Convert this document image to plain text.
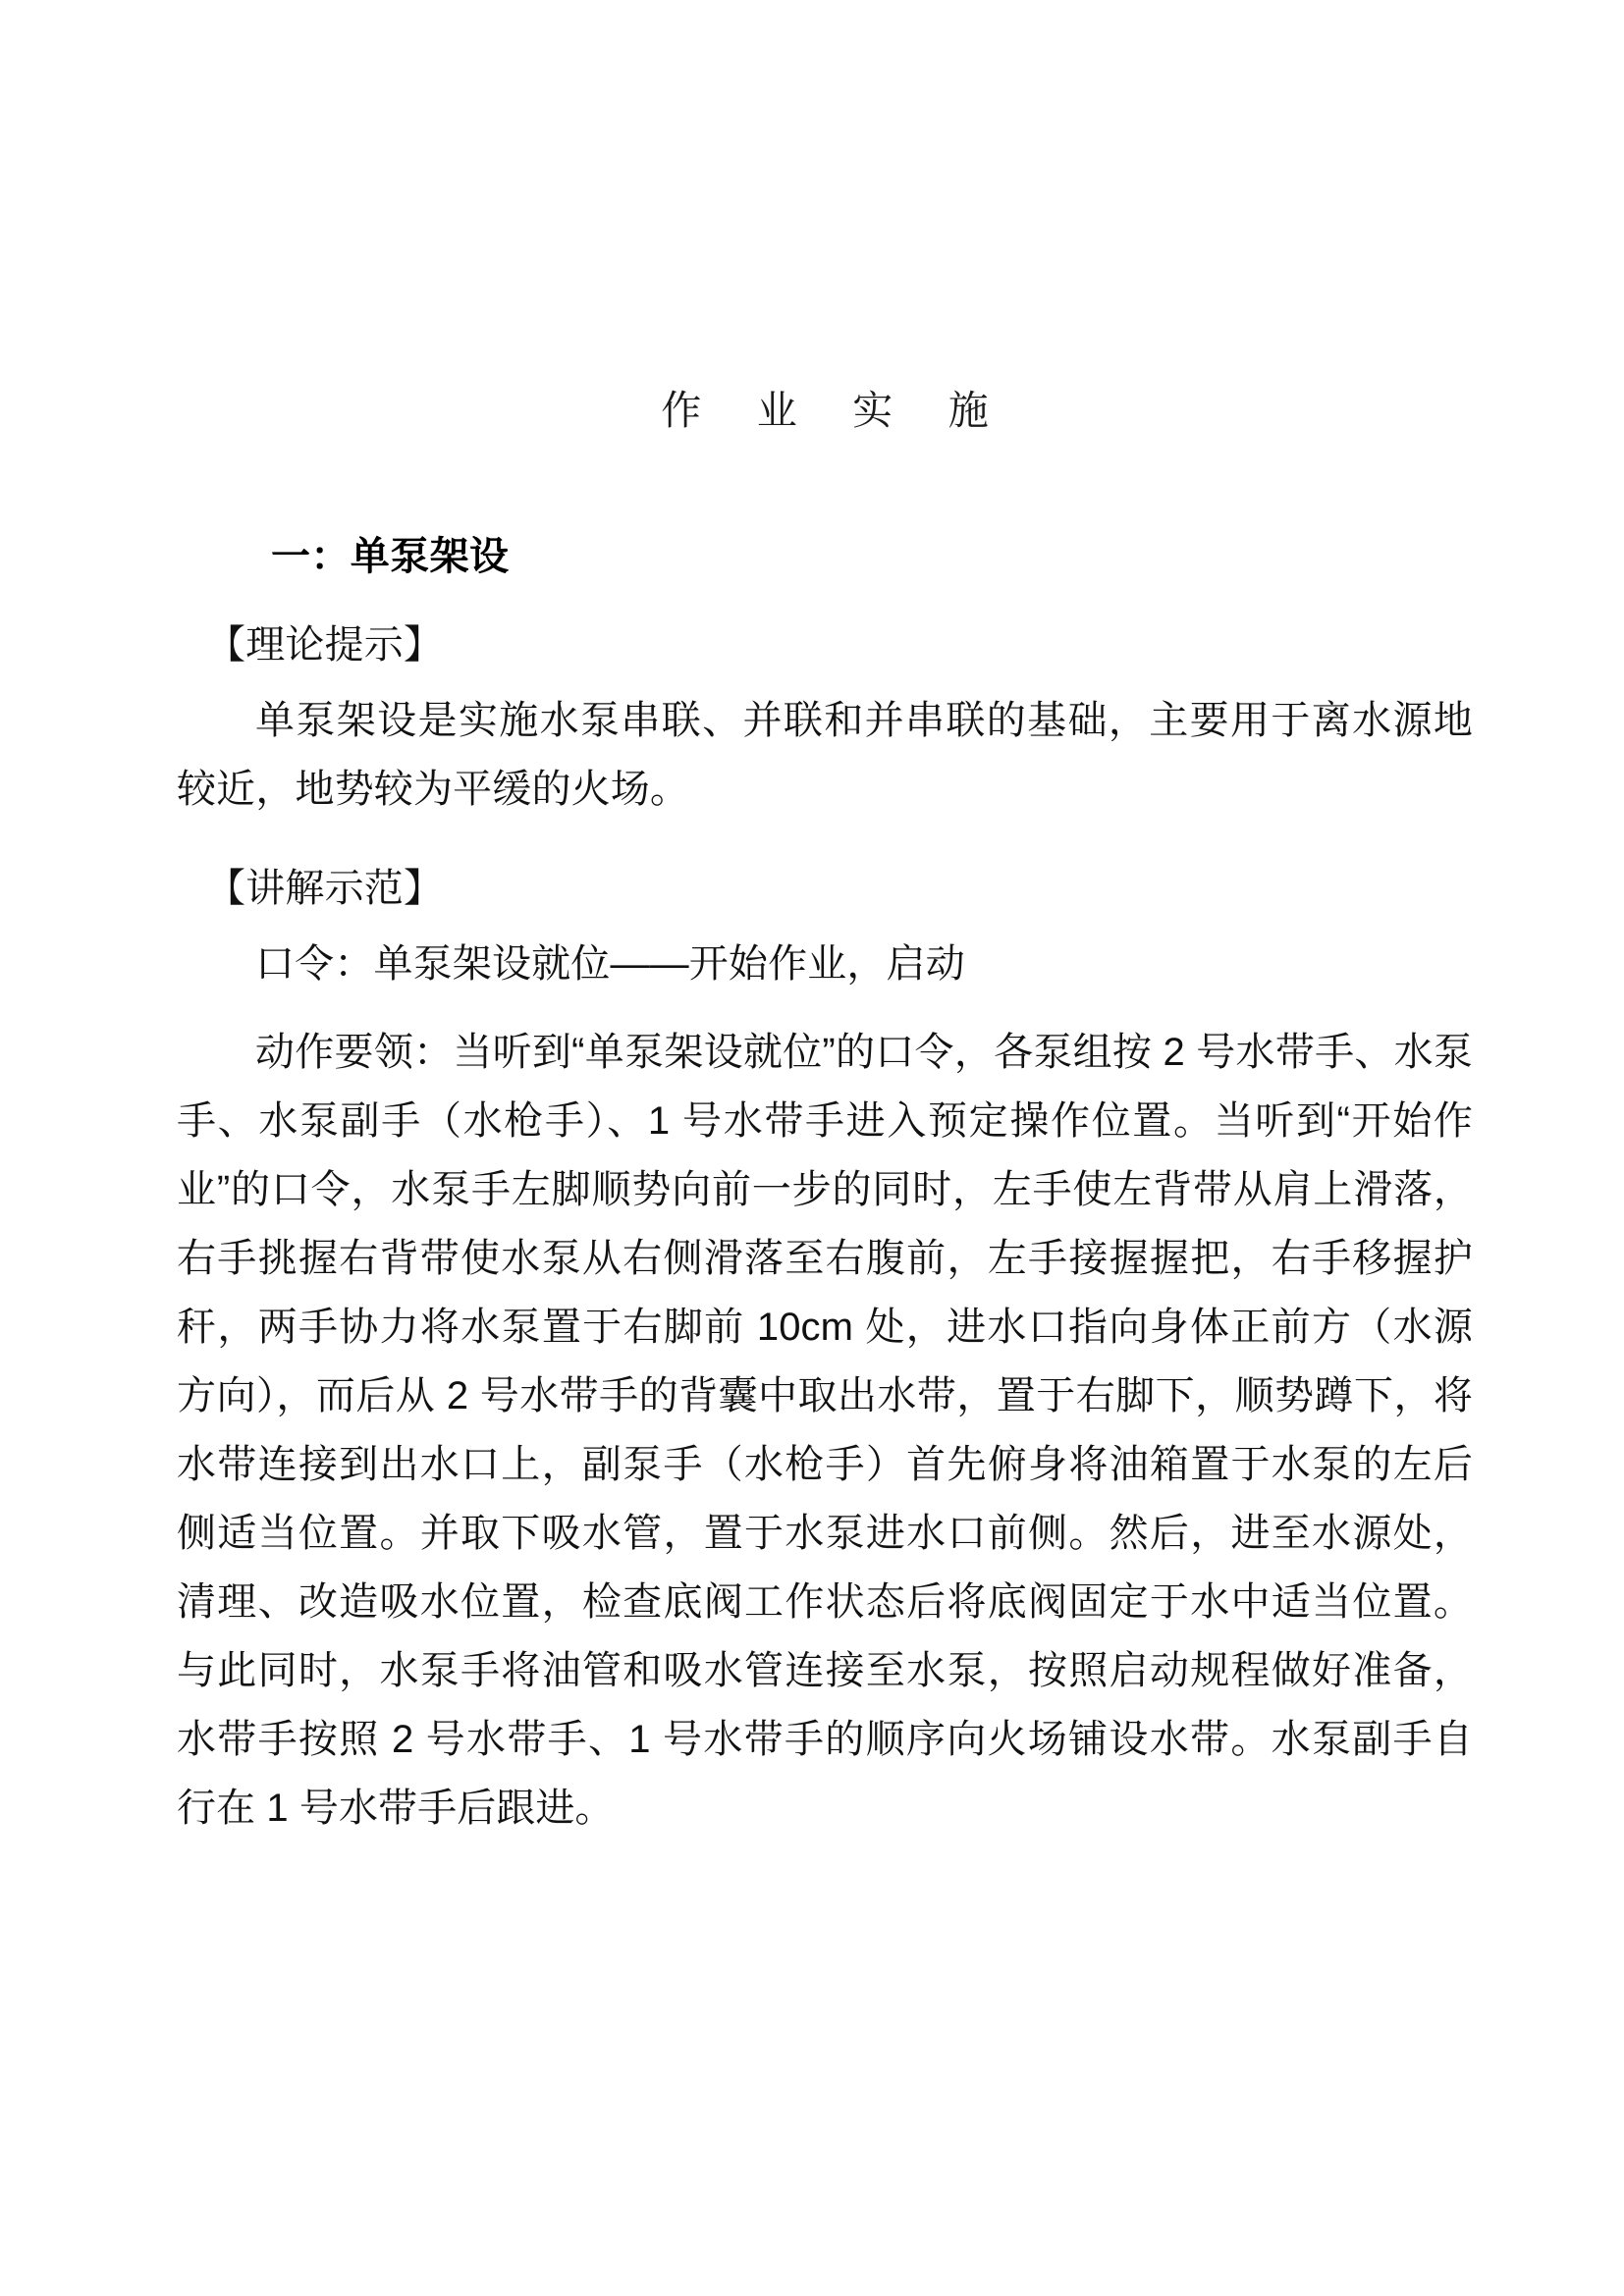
作 业 实 施
一：单泵架设

【理论提示】

单泵架设是实施水泵串联、并联和并串联的基础，主要用于离水源地较近，地势较为平缓的火场。

【讲解示范】

口令：单泵架设就位——开始作业，启动

动作要领：当听到“单泵架设就位”的口令，各泵组按 2 号水带手、水泵手、水泵副手（水枪手）、1 号水带手进入预定操作位置。当听到“开始作业”的口令，水泵手左脚顺势向前一步的同时，左手使左背带从肩上滑落，右手挑握右背带使水泵从右侧滑落至右腹前，左手接握握把，右手移握护秆，两手协力将水泵置于右脚前 10cm 处，进水口指向身体正前方（水源方向），而后从 2 号水带手的背囊中取出水带，置于右脚下，顺势蹲下，将水带连接到出水口上，副泵手（水枪手）首先俯身将油箱置于水泵的左后侧适当位置。并取下吸水管，置于水泵进水口前侧。然后，进至水源处，清理、改造吸水位置，检查底阀工作状态后将底阀固定于水中适当位置。与此同时，水泵手将油管和吸水管连接至水泵，按照启动规程做好准备，水带手按照 2 号水带手、1 号水带手的顺序向火场铺设水带。水泵副手自行在 1 号水带手后跟进。
